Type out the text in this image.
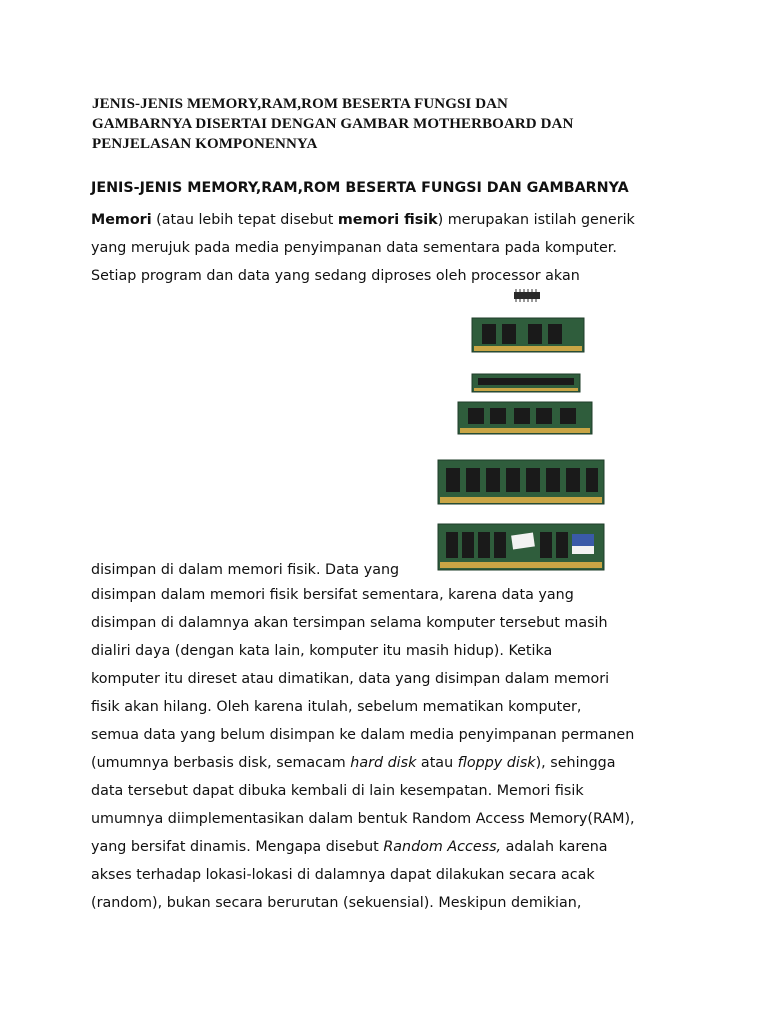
JENIS-JENIS MEMORY,RAM,ROM BESERTA FUNGSI DAN
GAMBARNYA DISERTAI DENGAN GAMBAR MOTHERBOARD DAN
PENJELASAN KOMPONENNYA
JENIS-JENIS MEMORY,RAM,ROM BESERTA FUNGSI DAN GAMBARNYA

Memori (atau lebih tepat disebut memori fisik) merupakan istilah generik
yang merujuk pada media penyimpanan data sementara pada komputer.
Setiap program dan data yang sedang diproses oleh processor akan

disimpan di dalam memori fisik. Data yang

disimpan dalam memori fisik bersifat sementara, karena data yang
disimpan di dalamnya akan tersimpan selama komputer tersebut masih
dialiri daya (dengan kata lain, komputer itu masih hidup). Ketika
komputer itu direset atau dimatikan, data yang disimpan dalam memori
fisik akan hilang. Oleh karena itulah, sebelum mematikan komputer,
semua data yang belum disimpan ke dalam media penyimpanan permanen
(umumnya berbasis disk, semacam hard disk atau floppy disk), sehingga
data tersebut dapat dibuka kembali di lain kesempatan. Memori fisik
umumnya diimplementasikan dalam bentuk Random Access Memory(RAM),
yang bersifat dinamis. Mengapa disebut Random Access, adalah karena
akses terhadap lokasi-lokasi di dalamnya dapat dilakukan secara acak
(random), bukan secara berurutan (sekuensial). Meskipun demikian,
